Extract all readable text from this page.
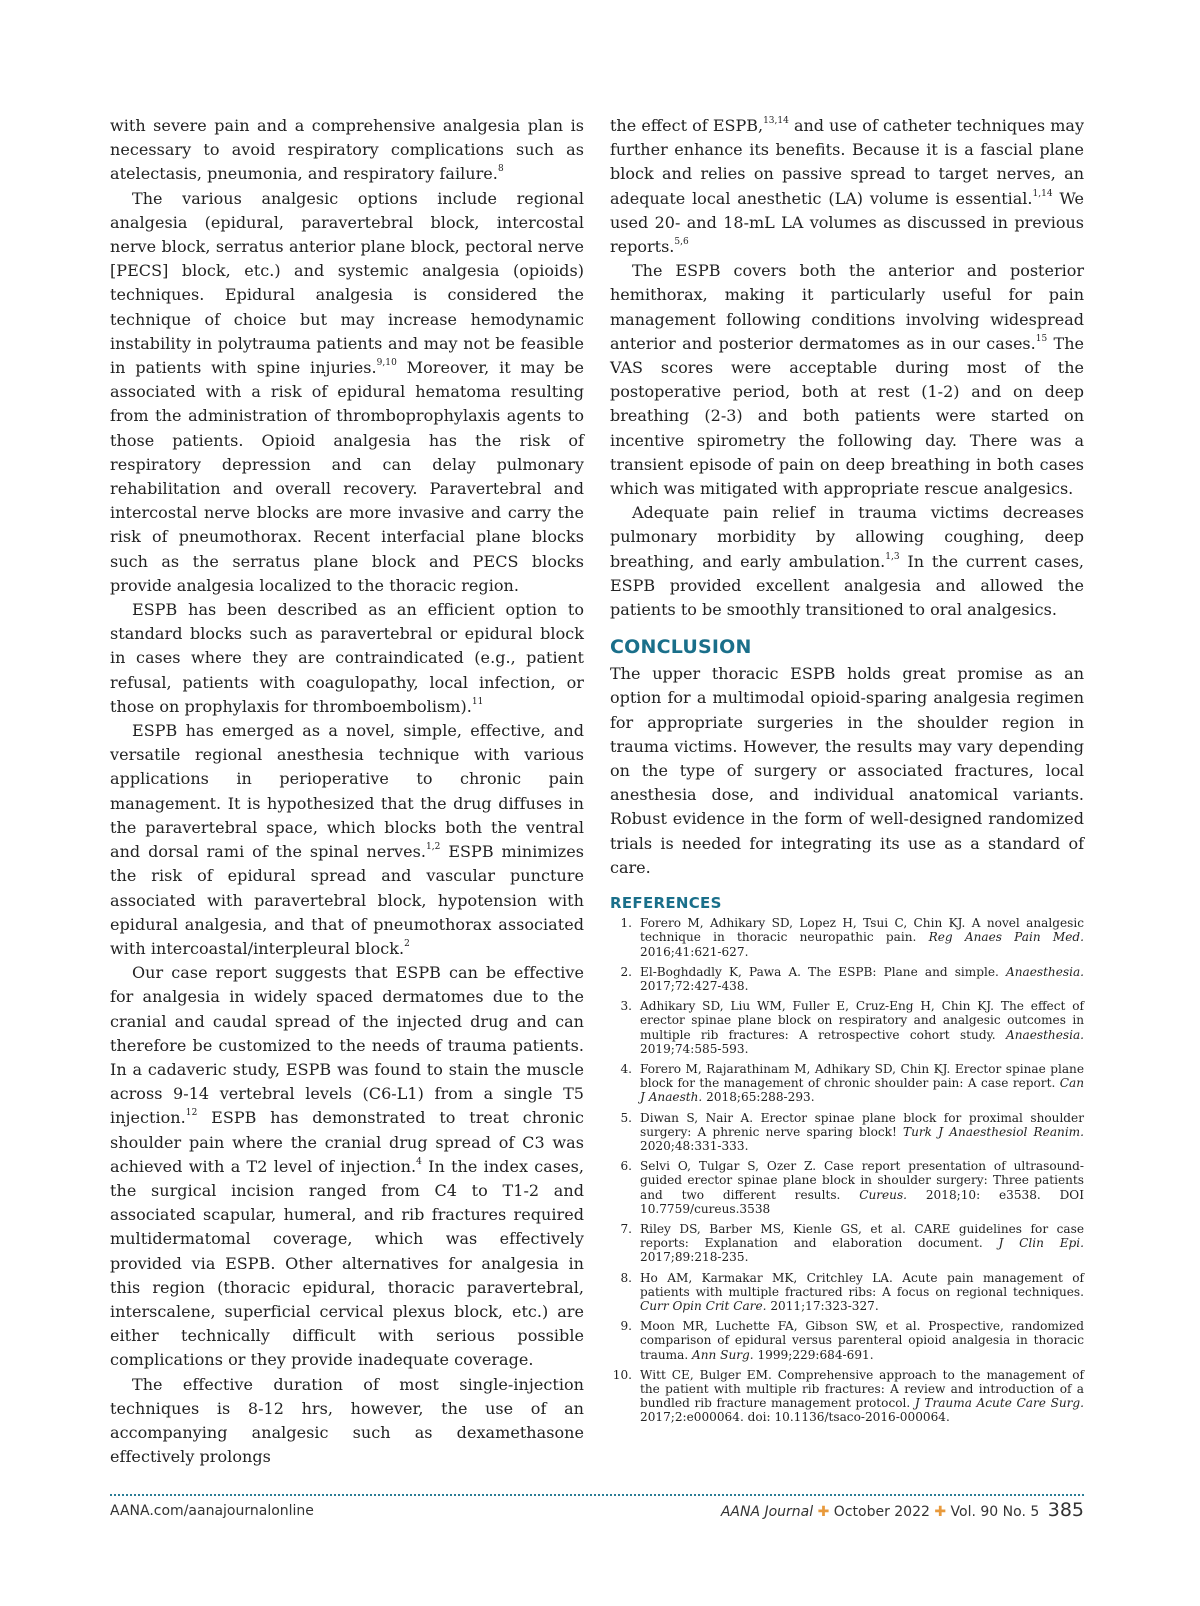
with severe pain and a comprehensive analgesia plan is necessary to avoid respiratory complications such as atelectasis, pneumonia, and respiratory failure.$^8$

The various analgesic options include regional analgesia (epidural, paravertebral block, intercostal nerve block, serratus anterior plane block, pectoral nerve [PECS] block, etc.) and systemic analgesia (opioids) techniques. Epidural analgesia is considered the technique of choice but may increase hemodynamic instability in polytrauma patients and may not be feasible in patients with spine injuries.$^{9,10}$ Moreover, it may be associated with a risk of epidural hematoma resulting from the administration of thromboprophylaxis agents to those patients. Opioid analgesia has the risk of respiratory depression and can delay pulmonary rehabilitation and overall recovery. Paravertebral and intercostal nerve blocks are more invasive and carry the risk of pneumothorax. Recent interfacial plane blocks such as the serratus plane block and PECS blocks provide analgesia localized to the thoracic region.

ESPB has been described as an efficient option to standard blocks such as paravertebral or epidural block in cases where they are contraindicated (e.g., patient refusal, patients with coagulopathy, local infection, or those on prophylaxis for thromboembolism).$^{11}$

ESPB has emerged as a novel, simple, effective, and versatile regional anesthesia technique with various applications in perioperative to chronic pain management. It is hypothesized that the drug diffuses in the paravertebral space, which blocks both the ventral and dorsal rami of the spinal nerves.$^{1,2}$ ESPB minimizes the risk of epidural spread and vascular puncture associated with paravertebral block, hypotension with epidural analgesia, and that of pneumothorax associated with intercoastal/interpleural block.$^2$

Our case report suggests that ESPB can be effective for analgesia in widely spaced dermatomes due to the cranial and caudal spread of the injected drug and can therefore be customized to the needs of trauma patients. In a cadaveric study, ESPB was found to stain the muscle across 9-14 vertebral levels (C6-L1) from a single T5 injection.$^{12}$ ESPB has demonstrated to treat chronic shoulder pain where the cranial drug spread of C3 was achieved with a T2 level of injection.$^4$ In the index cases, the surgical incision ranged from C4 to T1-2 and associated scapular, humeral, and rib fractures required multidermatomal coverage, which was effectively provided via ESPB. Other alternatives for analgesia in this region (thoracic epidural, thoracic paravertebral, interscalene, superficial cervical plexus block, etc.) are either technically difficult with serious possible complications or they provide inadequate coverage.

The effective duration of most single-injection techniques is 8-12 hrs, however, the use of an accompanying analgesic such as dexamethasone effectively prolongs

the effect of ESPB,$^{13,14}$ and use of catheter techniques may further enhance its benefits. Because it is a fascial plane block and relies on passive spread to target nerves, an adequate local anesthetic (LA) volume is essential.$^{1,14}$ We used 20- and 18-mL LA volumes as discussed in previous reports.$^{5,6}$

The ESPB covers both the anterior and posterior hemithorax, making it particularly useful for pain management following conditions involving widespread anterior and posterior dermatomes as in our cases.$^{15}$ The VAS scores were acceptable during most of the postoperative period, both at rest (1-2) and on deep breathing (2-3) and both patients were started on incentive spirometry the following day. There was a transient episode of pain on deep breathing in both cases which was mitigated with appropriate rescue analgesics.

Adequate pain relief in trauma victims decreases pulmonary morbidity by allowing coughing, deep breathing, and early ambulation.$^{1,3}$ In the current cases, ESPB provided excellent analgesia and allowed the patients to be smoothly transitioned to oral analgesics.

CONCLUSION

The upper thoracic ESPB holds great promise as an option for a multimodal opioid-sparing analgesia regimen for appropriate surgeries in the shoulder region in trauma victims. However, the results may vary depending on the type of surgery or associated fractures, local anesthesia dose, and individual anatomical variants. Robust evidence in the form of well-designed randomized trials is needed for integrating its use as a standard of care.

REFERENCES
1. Forero M, Adhikary SD, Lopez H, Tsui C, Chin KJ. A novel analgesic technique in thoracic neuropathic pain. Reg Anaes Pain Med. 2016;41:621-627.
2. El-Boghdadly K, Pawa A. The ESPB: Plane and simple. Anaesthesia. 2017;72:427-438.
3. Adhikary SD, Liu WM, Fuller E, Cruz-Eng H, Chin KJ. The effect of erector spinae plane block on respiratory and analgesic outcomes in multiple rib fractures: A retrospective cohort study. Anaesthesia. 2019;74:585-593.
4. Forero M, Rajarathinam M, Adhikary SD, Chin KJ. Erector spinae plane block for the management of chronic shoulder pain: A case report. Can J Anaesth. 2018;65:288-293.
5. Diwan S, Nair A. Erector spinae plane block for proximal shoulder surgery: A phrenic nerve sparing block! Turk J Anaesthesiol Reanim. 2020;48:331-333.
6. Selvi O, Tulgar S, Ozer Z. Case report presentation of ultrasound-guided erector spinae plane block in shoulder surgery: Three patients and two different results. Cureus. 2018;10: e3538. DOI 10.7759/cureus.3538
7. Riley DS, Barber MS, Kienle GS, et al. CARE guidelines for case reports: Explanation and elaboration document. J Clin Epi. 2017;89:218-235.
8. Ho AM, Karmakar MK, Critchley LA. Acute pain management of patients with multiple fractured ribs: A focus on regional techniques. Curr Opin Crit Care. 2011;17:323-327.
9. Moon MR, Luchette FA, Gibson SW, et al. Prospective, randomized comparison of epidural versus parenteral opioid analgesia in thoracic trauma. Ann Surg. 1999;229:684-691.
10. Witt CE, Bulger EM. Comprehensive approach to the management of the patient with multiple rib fractures: A review and introduction of a bundled rib fracture management protocol. J Trauma Acute Care Surg. 2017;2:e000064. doi: 10.1136/tsaco-2016-000064.
AANA.com/aanajournalonline	AANA Journal ✚ October 2022 ✚ Vol. 90 No. 5 385
